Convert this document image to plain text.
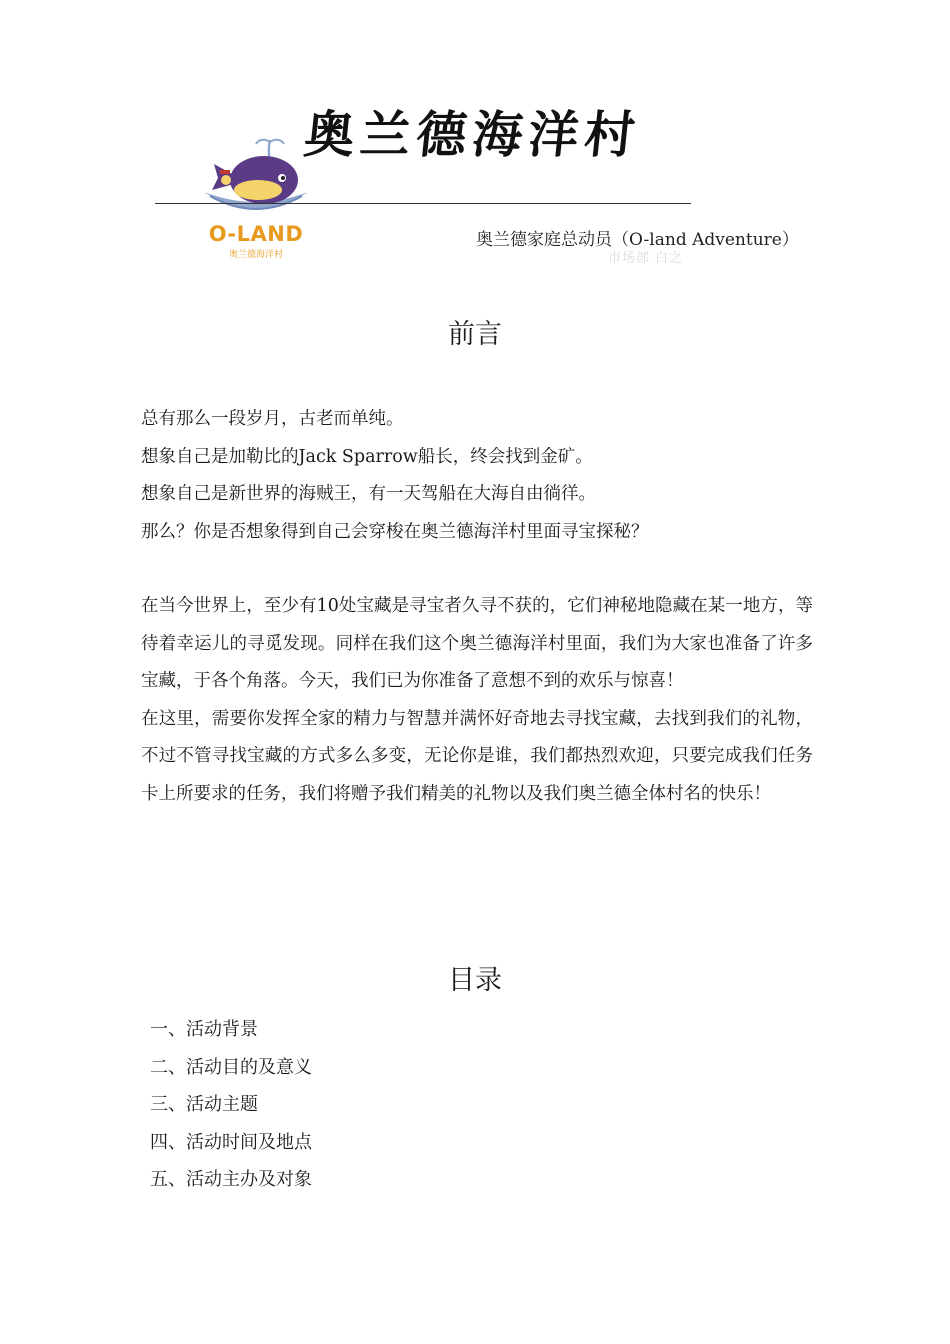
奥兰德海洋村
O-LAND
奥兰德海洋村
奥兰德家庭总动员（O-land Adventure）
市场部 白之
前言

总有那么一段岁月，古老而单纯。

想象自己是加勒比的Jack Sparrow船长，终会找到金矿。

想象自己是新世界的海贼王，有一天驾船在大海自由徜徉。

那么？你是否想象得到自己会穿梭在奥兰德海洋村里面寻宝探秘？

在当今世界上，至少有10处宝藏是寻宝者久寻不获的，它们神秘地隐藏在某一地方，等待着幸运儿的寻觅发现。同样在我们这个奥兰德海洋村里面，我们为大家也准备了许多宝藏，于各个角落。今天，我们已为你准备了意想不到的欢乐与惊喜！

在这里，需要你发挥全家的精力与智慧并满怀好奇地去寻找宝藏，去找到我们的礼物，不过不管寻找宝藏的方式多么多变，无论你是谁，我们都热烈欢迎，只要完成我们任务卡上所要求的任务，我们将赠予我们精美的礼物以及我们奥兰德全体村名的快乐！

目录
一、活动背景
二、活动目的及意义
三、活动主题
四、活动时间及地点
五、活动主办及对象
